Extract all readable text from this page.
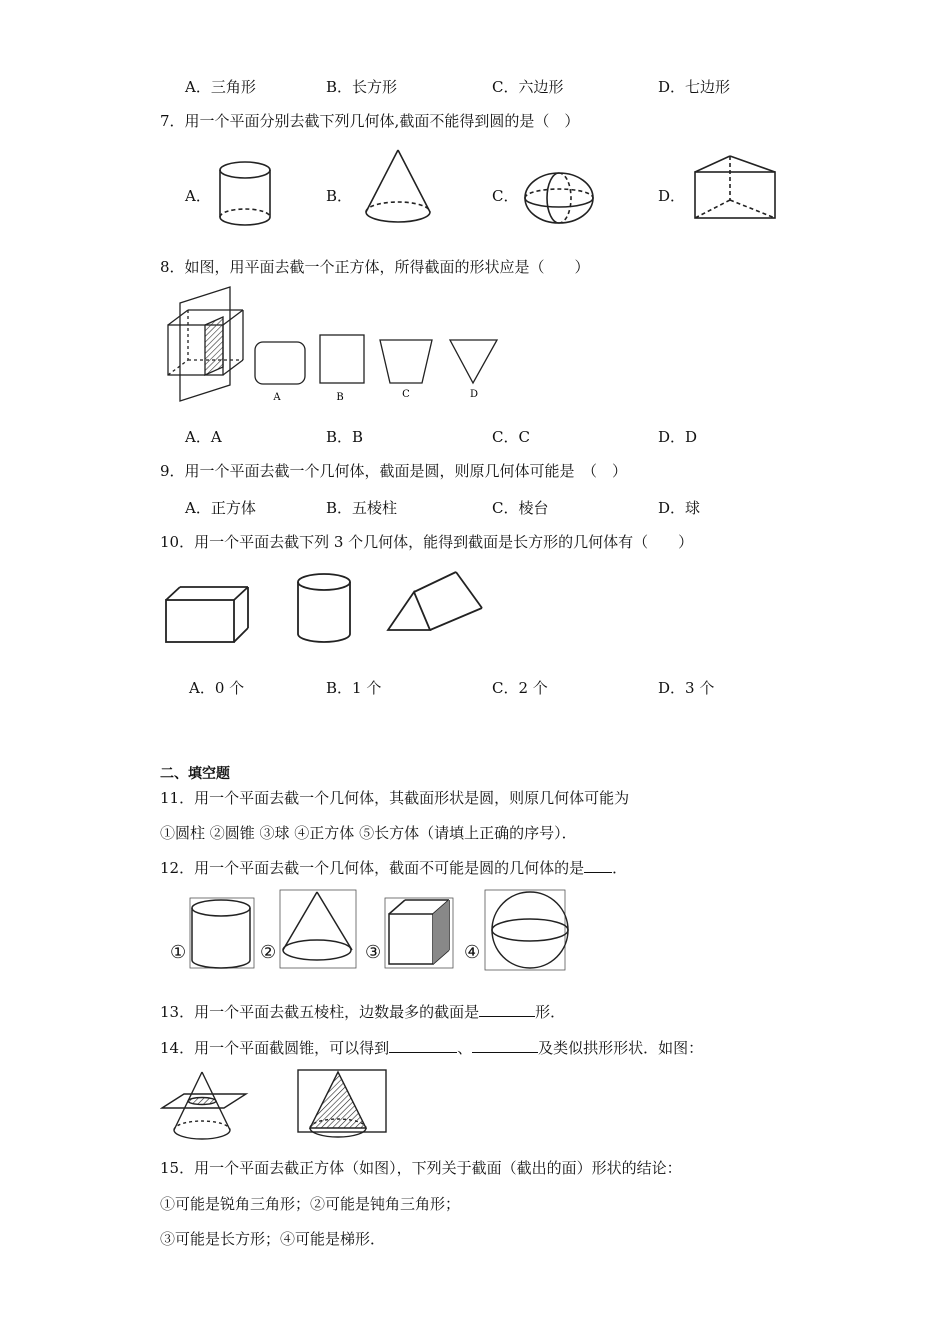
A．三角形	B．长方形	C．六边形	D．七边形
7．用一个平面分别去截下列几何体,截面不能得到圆的是（　）
A．	B．	C．	D．
8．如图，用平面去截一个正方体，所得截面的形状应是（　　）
A	B	C	D
A．A	B．B	C．C	D．D
9．用一个平面去截一个几何体，截面是圆，则原几何体可能是　（　）
A．正方体	B．五棱柱	C．棱台	D．球
10．用一个平面去截下列 3 个几何体，能得到截面是长方形的几何体有（　　）
A．0 个	B．1 个	C．2 个	D．3 个
二、填空题
11．用一个平面去截一个几何体，其截面形状是圆，则原几何体可能为
①圆柱 ②圆锥 ③球 ④正方体 ⑤长方体（请填上正确的序号）．
12．用一个平面去截一个几何体，截面不可能是圆的几何体的是 ．
①	②	③	④
13．用一个平面去截五棱柱，边数最多的截面是	形．
14．用一个平面截圆锥，可以得到	、	及类似拱形形状．如图：
15．用一个平面去截正方体（如图），下列关于截面（截出的面）形状的结论：
①可能是锐角三角形；②可能是钝角三角形；
③可能是长方形；④可能是梯形．
